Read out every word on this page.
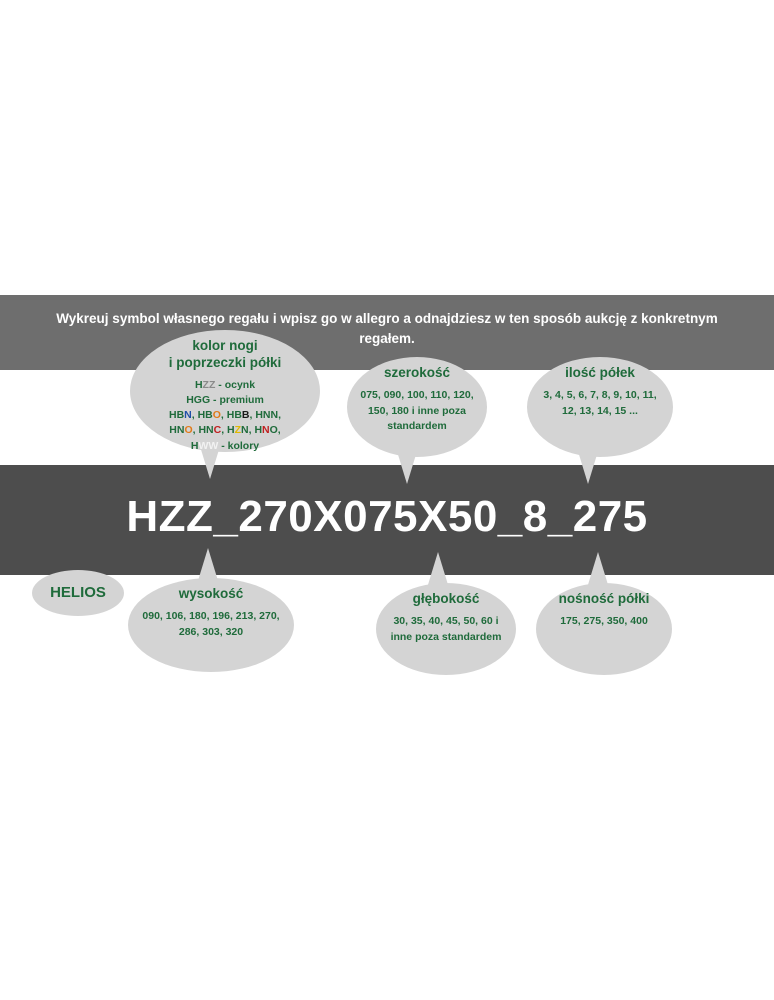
Wykreuj symbol własnego regału i wpisz go w allegro a odnajdziesz w ten sposób aukcję z konkretnym regałem.
HZZ_270X075X50_8_275
kolor nogi
i poprzeczki półki
HZZ - ocynk
HGG - premium
HBN, HBO, HBB, HNN,
HNO, HNC, HZN, HNO,
HWW - kolory
szerokość
075, 090, 100, 110, 120, 150, 180 i inne poza standardem
ilość półek
3, 4, 5, 6, 7, 8, 9, 10, 11, 12, 13, 14, 15 ...
HELIOS	wysokość
090, 106, 180, 196, 213, 270, 286, 303, 320
głębokość
30, 35, 40, 45, 50, 60 i inne poza standardem
nośność półki
175, 275, 350, 400
